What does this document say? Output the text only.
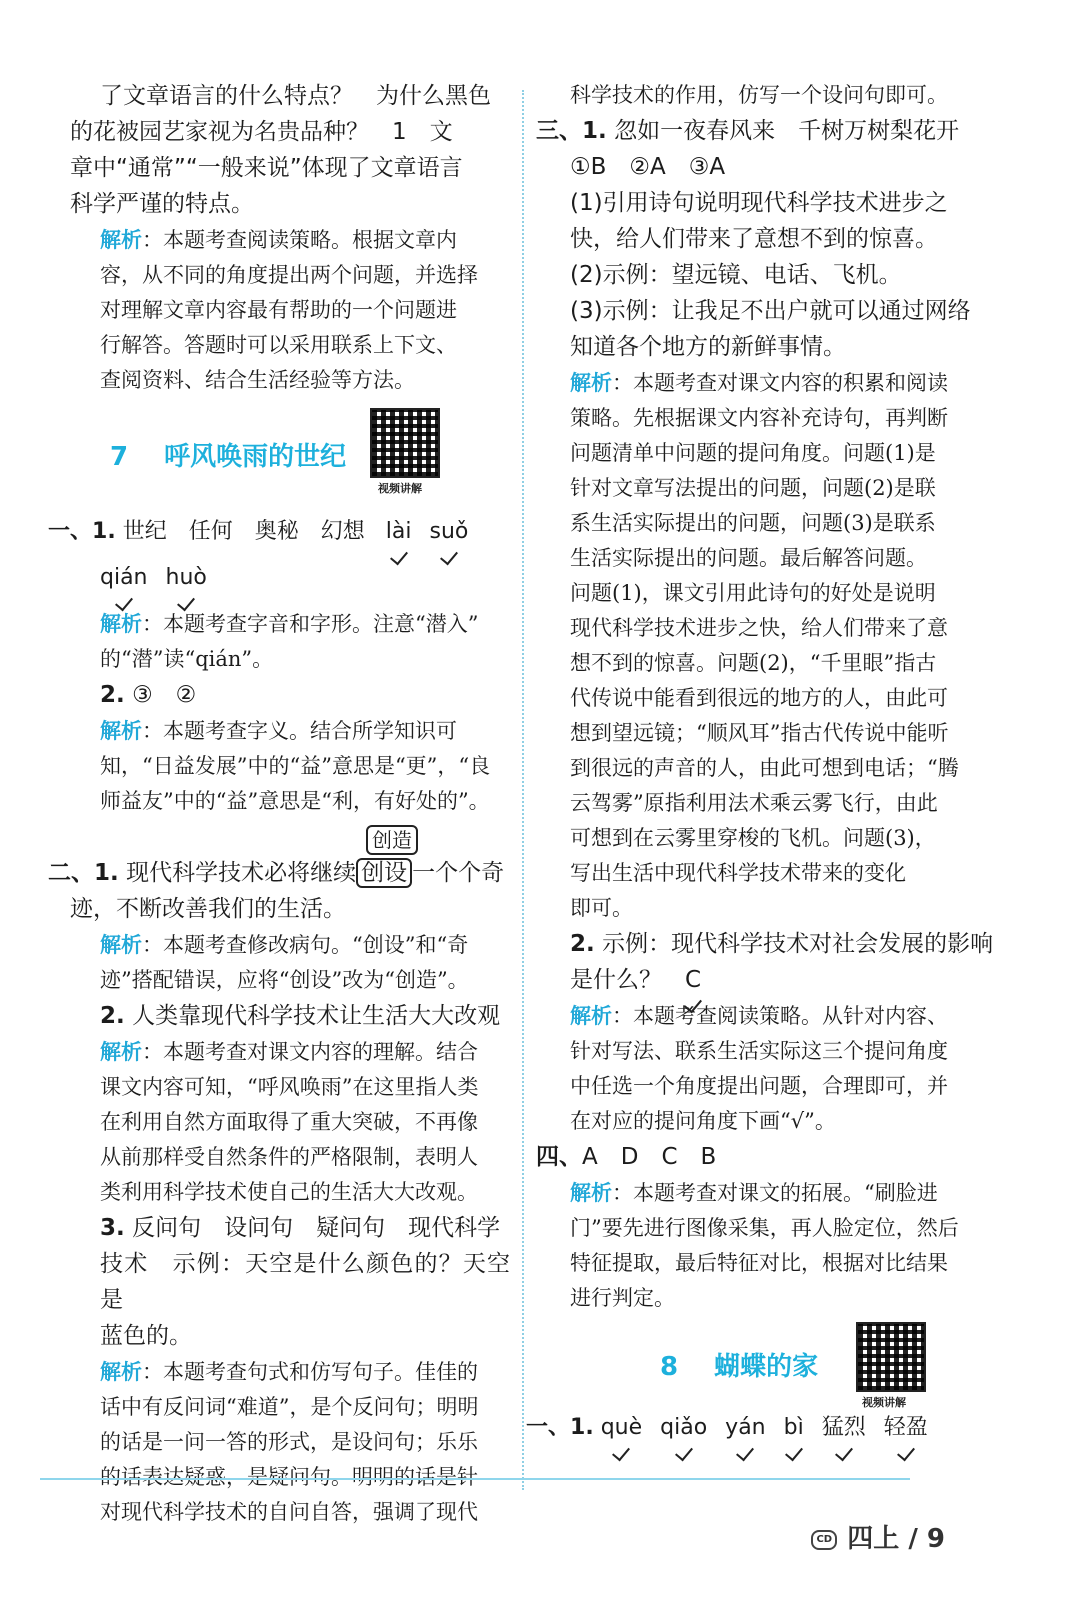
了文章语言的什么特点？　为什么黑色

的花被园艺家视为名贵品种？　1　文

章中“通常”“一般来说”体现了文章语言

科学严谨的特点。

解析：本题考查阅读策略。根据文章内

容，从不同的角度提出两个问题，并选择

对理解文章内容最有帮助的一个问题进

行解答。答题时可以采用联系上下文、

查阅资料、结合生活经验等方法。

7 呼风唤雨的世纪
视频讲解

一、1. 世纪　 任何　 奥秘　 幻想 lài suǒ

qián huò

解析：本题考查字音和字形。注意“潜入”

的“潜”读“qián”。

2. ③　②

解析：本题考查字义。结合所学知识可

知，“日益发展”中的“益”意思是“更”，“良

师益友”中的“益”意思是“利，有好处的”。

创造

二、1. 现代科学技术必将继续 创设 一个个奇

迹，不断改善我们的生活。

解析：本题考查修改病句。“创设”和“奇

迹”搭配错误，应将“创设”改为“创造”。

2. 人类靠现代科学技术让生活大大改观

解析：本题考查对课文内容的理解。结合

课文内容可知，“呼风唤雨”在这里指人类

在利用自然方面取得了重大突破，不再像

从前那样受自然条件的严格限制，表明人

类利用科学技术使自己的生活大大改观。

3. 反问句　设问句　疑问句　现代科学

技术　示例：天空是什么颜色的？天空是

蓝色的。

解析：本题考查句式和仿写句子。佳佳的

话中有反问词“难道”，是个反问句；明明

的话是一问一答的形式，是设问句；乐乐

的话表达疑惑，是疑问句。明明的话是针

对现代科学技术的自问自答，强调了现代

科学技术的作用，仿写一个设问句即可。

三、1. 忽如一夜春风来　千树万树梨花开

①B　②A　③A

(1)引用诗句说明现代科学技术进步之

快，给人们带来了意想不到的惊喜。

(2)示例：望远镜、电话、飞机。

(3)示例：让我足不出户就可以通过网络

知道各个地方的新鲜事情。

解析：本题考查对课文内容的积累和阅读

策略。先根据课文内容补充诗句，再判断

问题清单中问题的提问角度。问题(1)是

针对文章写法提出的问题，问题(2)是联

系生活实际提出的问题，问题(3)是联系

生活实际提出的问题。最后解答问题。

问题(1)，课文引用此诗句的好处是说明

现代科学技术进步之快，给人们带来了意

想不到的惊喜。问题(2)，“千里眼”指古

代传说中能看到很远的地方的人，由此可

想到望远镜；“顺风耳”指古代传说中能听

到很远的声音的人，由此可想到电话；“腾

云驾雾”原指利用法术乘云雾飞行，由此

可想到在云雾里穿梭的飞机。问题(3)，

写出生活中现代科学技术带来的变化

即可。

2. 示例：现代科学技术对社会发展的影响

是什么？　 C

解析：本题考查阅读策略。从针对内容、

针对写法、联系生活实际这三个提问角度

中任选一个角度提出问题，合理即可，并

在对应的提问角度下画“√”。

四、A　D　C　B

解析：本题考查对课文的拓展。“刷脸进

门”要先进行图像采集，再人脸定位，然后

特征提取，最后特征对比，根据对比结果

进行判定。

8 蝴蝶的家
视频讲解

一、1. què qiǎo yán bì 猛烈 轻盈

CD 四上 / 9
